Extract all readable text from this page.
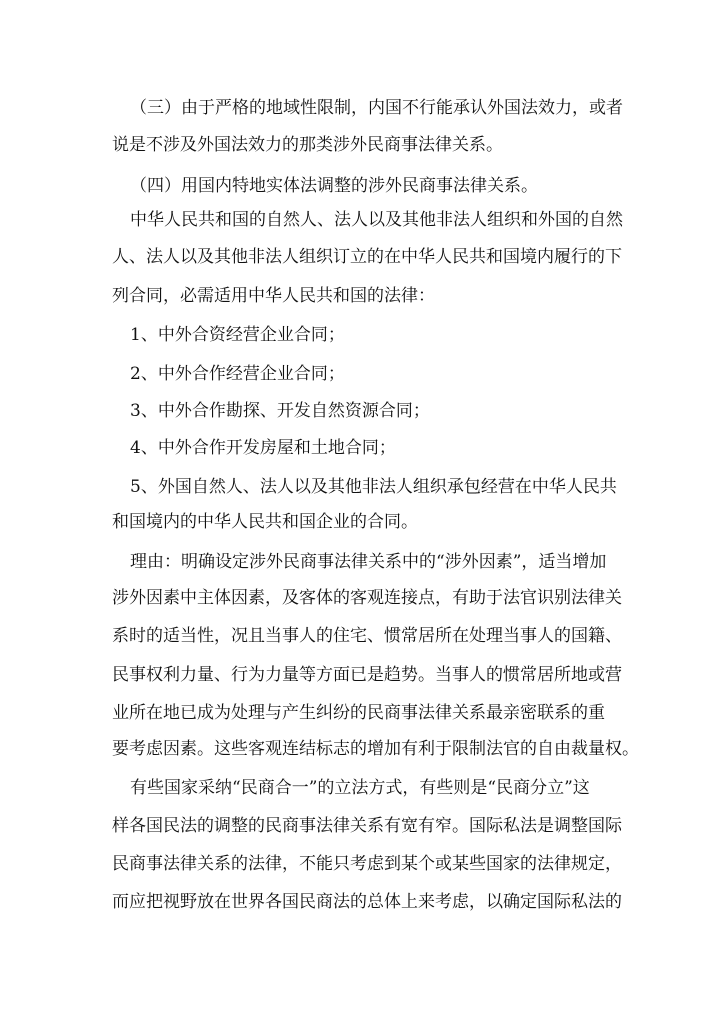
（三）由于严格的地域性限制，内国不行能承认外国法效力，或者
说是不涉及外国法效力的那类涉外民商事法律关系。
（四）用国内特地实体法调整的涉外民商事法律关系。
中华人民共和国的自然人、法人以及其他非法人组织和外国的自然
人、法人以及其他非法人组织订立的在中华人民共和国境内履行的下
列合同，必需适用中华人民共和国的法律：
1、中外合资经营企业合同；
2、中外合作经营企业合同；
3、中外合作勘探、开发自然资源合同；
4、中外合作开发房屋和土地合同；
5、外国自然人、法人以及其他非法人组织承包经营在中华人民共
和国境内的中华人民共和国企业的合同。
理由：明确设定涉外民商事法律关系中的“涉外因素”，适当增加
涉外因素中主体因素，及客体的客观连接点，有助于法官识别法律关
系时的适当性，况且当事人的住宅、惯常居所在处理当事人的国籍、
民事权利力量、行为力量等方面已是趋势。当事人的惯常居所地或营
业所在地已成为处理与产生纠纷的民商事法律关系最亲密联系的重
要考虑因素。这些客观连结标志的增加有利于限制法官的自由裁量权。
有些国家采纳“民商合一”的立法方式，有些则是“民商分立”这
样各国民法的调整的民商事法律关系有宽有窄。国际私法是调整国际
民商事法律关系的法律，不能只考虑到某个或某些国家的法律规定，
而应把视野放在世界各国民商法的总体上来考虑，以确定国际私法的
